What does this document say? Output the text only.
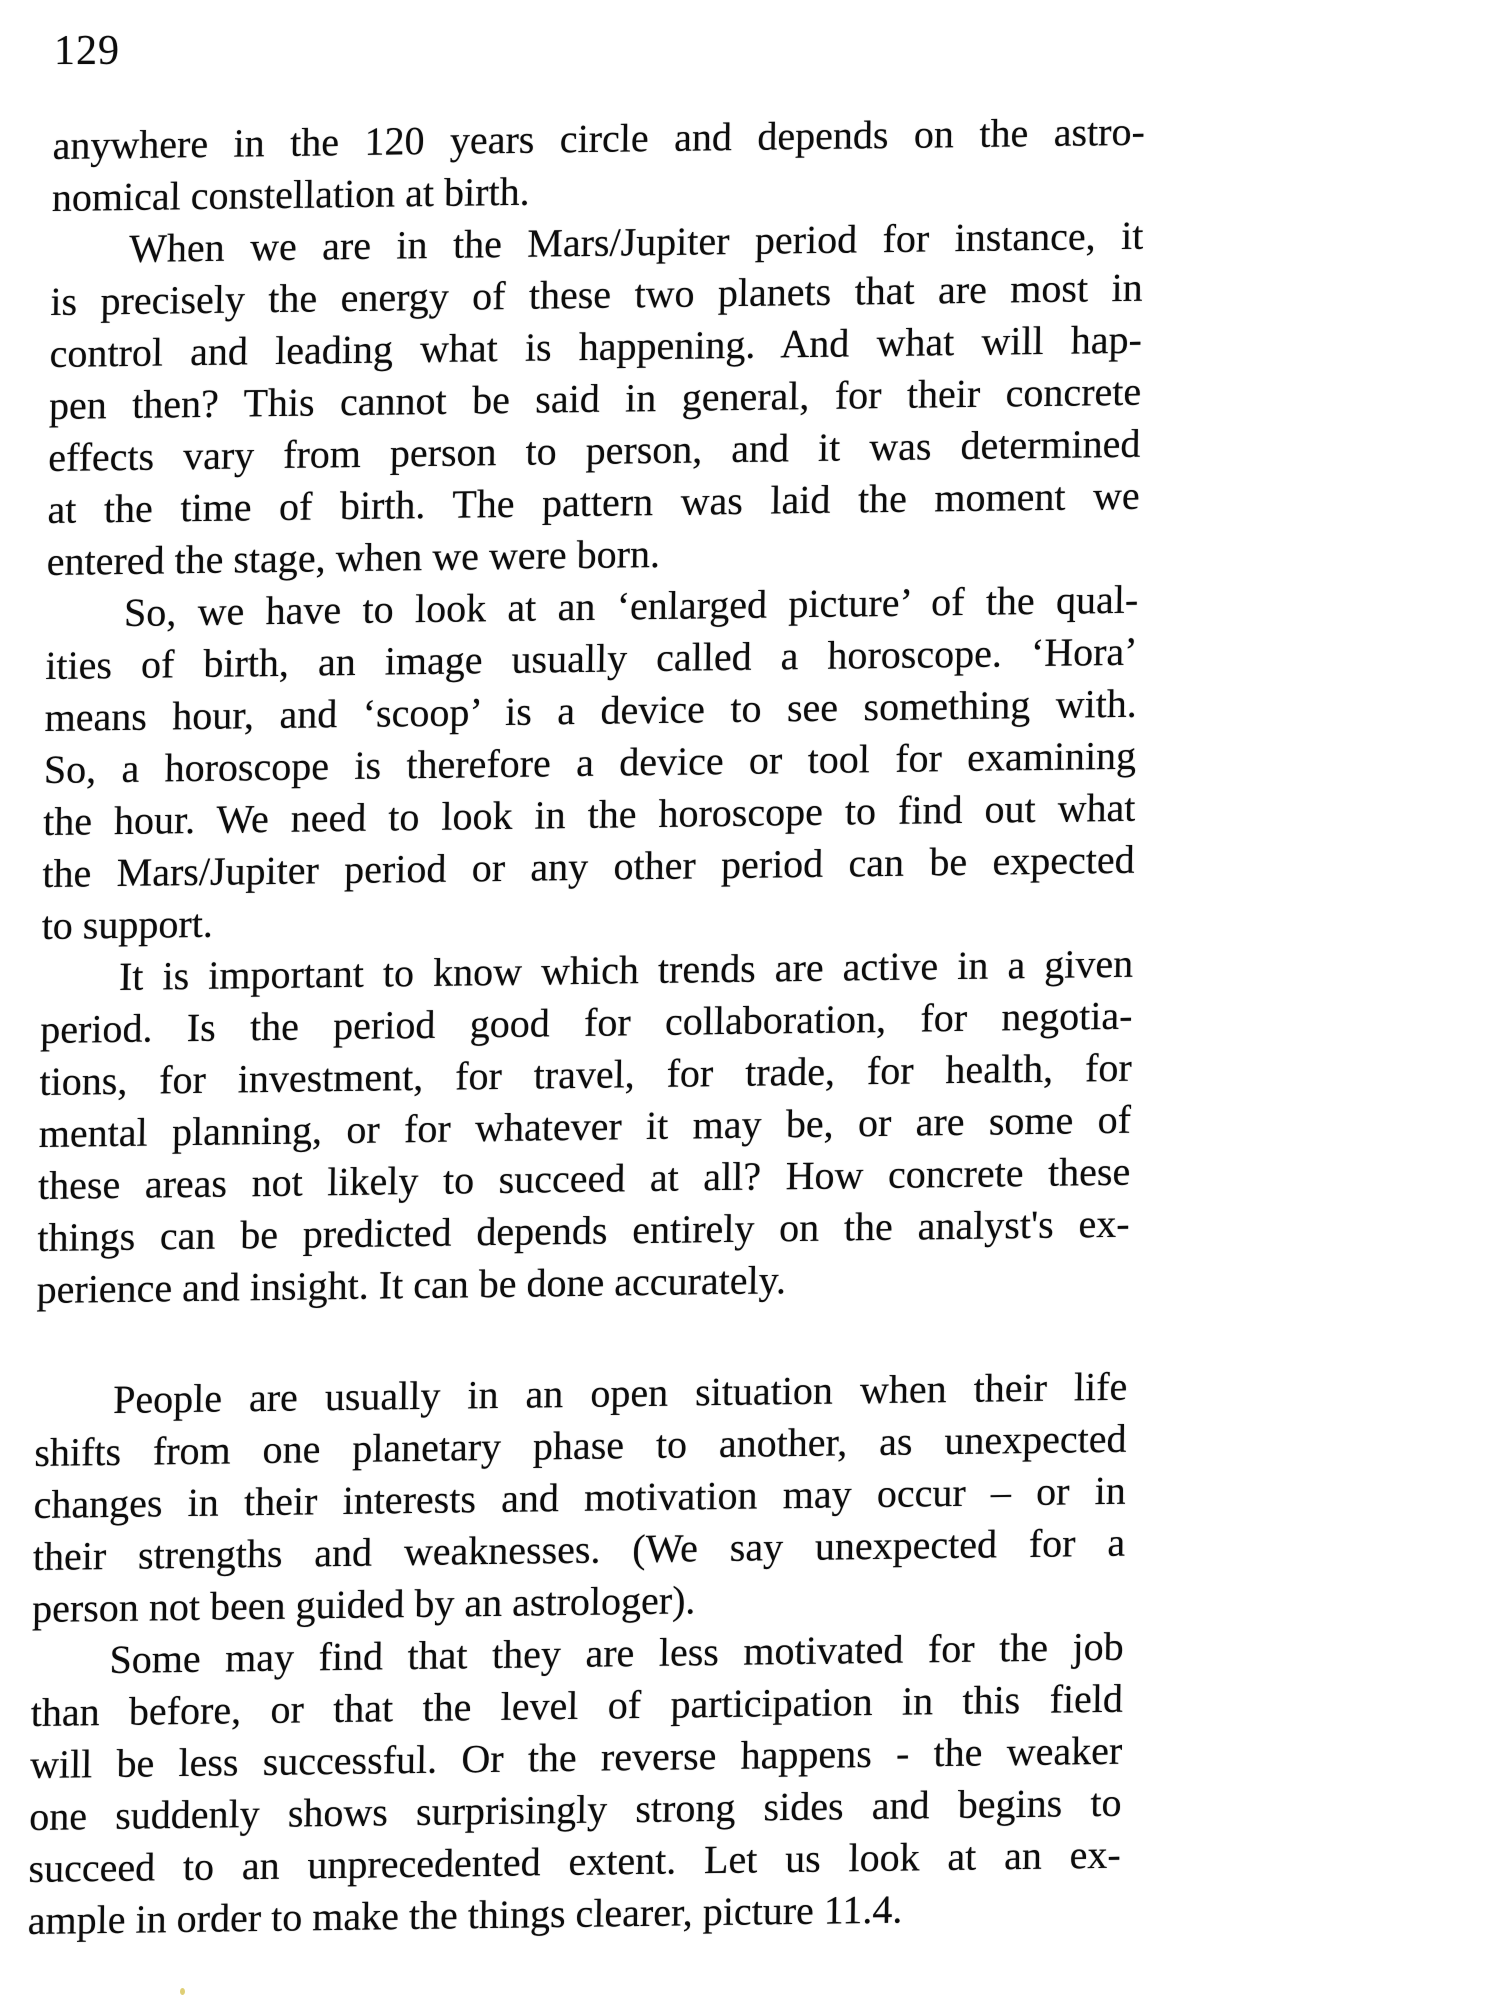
129
anywhere in the 120 years circle and depends on the astro-
nomical constellation at birth.
When we are in the Mars/Jupiter period for instance, it
is precisely the energy of these two planets that are most in
control and leading what is happening. And what will hap-
pen then? This cannot be said in general, for their concrete
effects vary from person to person, and it was determined
at the time of birth. The pattern was laid the moment we
entered the stage, when we were born.
So, we have to look at an ‘enlarged picture’ of the qual-
ities of birth, an image usually called a horoscope. ‘Hora’
means hour, and ‘scoop’ is a device to see something with.
So, a horoscope is therefore a device or tool for examining
the hour. We need to look in the horoscope to find out what
the Mars/Jupiter period or any other period can be expected
to support.
It is important to know which trends are active in a given
period. Is the period good for collaboration, for negotia-
tions, for investment, for travel, for trade, for health, for
mental planning, or for whatever it may be, or are some of
these areas not likely to succeed at all? How concrete these
things can be predicted depends entirely on the analyst's ex-
perience and insight. It can be done accurately.
People are usually in an open situation when their life
shifts from one planetary phase to another, as unexpected
changes in their interests and motivation may occur – or in
their strengths and weaknesses. (We say unexpected for a
person not been guided by an astrologer).
Some may find that they are less motivated for the job
than before, or that the level of participation in this field
will be less successful. Or the reverse happens - the weaker
one suddenly shows surprisingly strong sides and begins to
succeed to an unprecedented extent. Let us look at an ex-
ample in order to make the things clearer, picture 11.4.
